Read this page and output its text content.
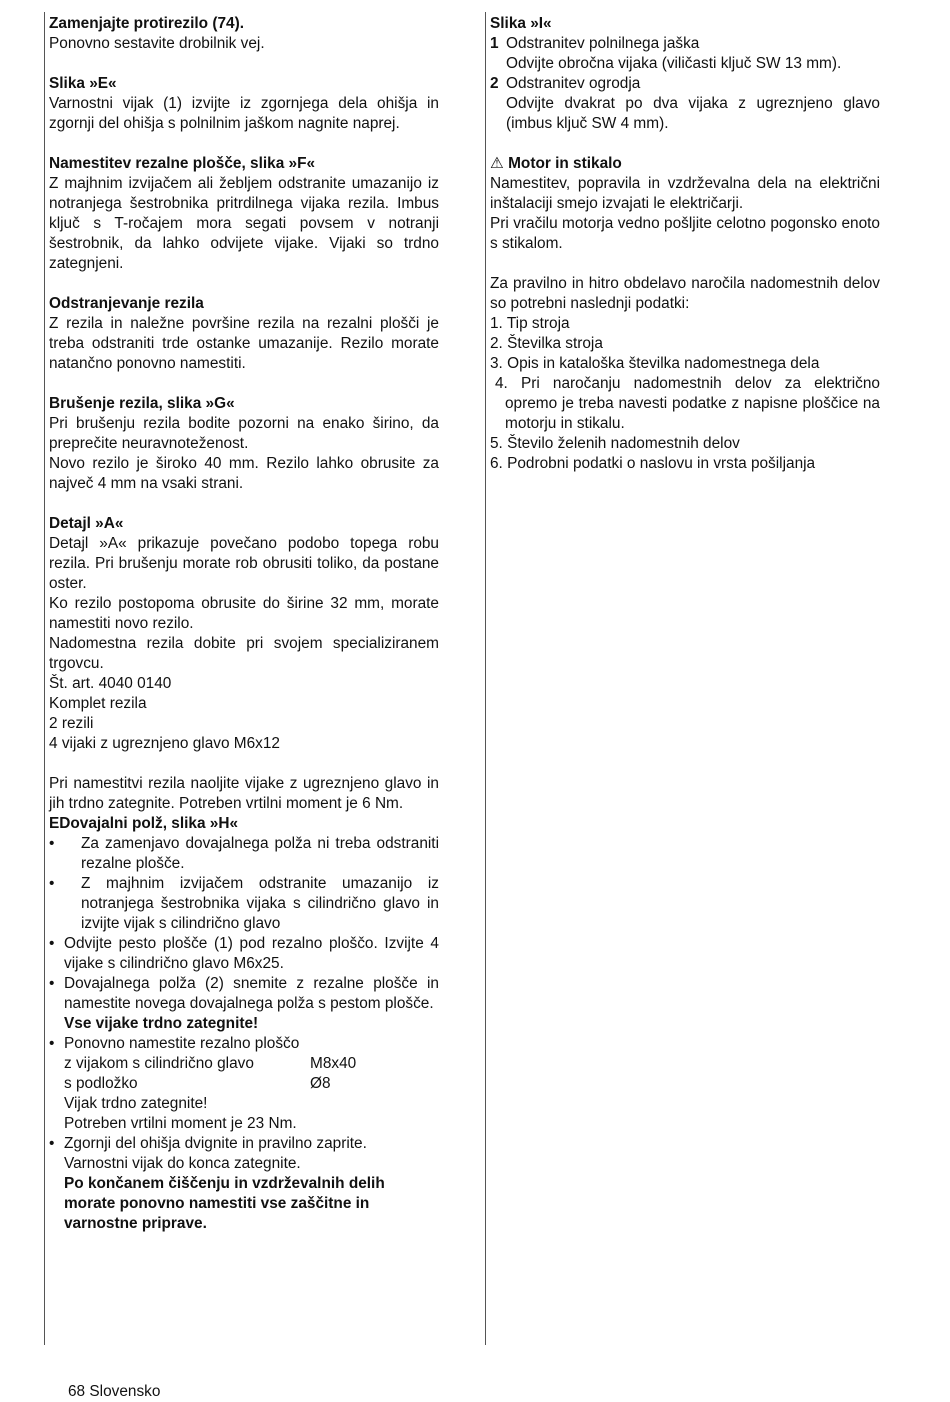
Zamenjajte protirezilo (74).

Ponovno sestavite drobilnik vej.

Slika »E«

Varnostni vijak (1) izvijte iz zgornjega dela ohišja in zgornji del ohišja s polnilnim jaškom nagnite naprej.

Namestitev rezalne plošče, slika »F«

Z majhnim izvijačem ali žebljem odstranite umazanijo iz notranjega šestrobnika pritrdilnega vijaka rezila. Imbus ključ s T-ročajem mora segati povsem v notranji šestrobnik, da lahko odvijete vijake. Vijaki so trdno zategnjeni.

Odstranjevanje rezila

Z rezila in naležne površine rezila na rezalni plošči je treba odstraniti trde ostanke umazanije. Rezilo morate natančno ponovno namestiti.

Brušenje rezila, slika »G«

Pri brušenju rezila bodite pozorni na enako širino, da preprečite neuravnoteženost.

Novo rezilo je široko 40 mm. Rezilo lahko obrusite za največ 4 mm na vsaki strani.

Detajl »A«

Detajl »A« prikazuje povečano podobo topega robu rezila. Pri brušenju morate rob obrusiti toliko, da postane oster.

Ko rezilo postopoma obrusite do širine 32 mm, morate namestiti novo rezilo.

Nadomestna rezila dobite pri svojem specializiranem trgovcu.

Št. art. 4040 0140

Komplet rezila

2 rezili

4 vijaki z ugreznjeno glavo M6x12

Pri namestitvi rezila naoljite vijake z ugreznjeno glavo in jih trdno zategnite. Potreben vrtilni moment je 6 Nm.

EDovajalni polž, slika »H«

• Za zamenjavo dovajalnega polža ni treba odstraniti rezalne plošče.
• Z majhnim izvijačem odstranite umazanijo iz notranjega šestrobnika vijaka s cilindrično glavo in izvijte vijak s cilindrično glavo
• Odvijte pesto plošče (1) pod rezalno ploščo. Izvijte 4 vijake s cilindrično glavo M6x25.
• Dovajalnega polža (2) snemite z rezalne plošče in namestite novega dovajalnega polža s pestom plošče.
Vse vijake trdno zategnite!
• Ponovno namestite rezalno ploščo
z vijakom s cilindrično glavo	M8x40
s podložko	Ø8
Vijak trdno zategnite!
Potreben vrtilni moment je 23 Nm.
• Zgornji del ohišja dvignite in pravilno zaprite.
Varnostni vijak do konca zategnite.
Po končanem čiščenju in vzdrževalnih delih morate ponovno namestiti vse zaščitne in varnostne priprave.

Slika »I«

1 Odstranitev polnilnega jaška

Odvijte obročna vijaka (viličasti ključ SW 13 mm).

2 Odstranitev ogrodja

Odvijte dvakrat po dva vijaka z ugreznjeno glavo (imbus ključ SW 4 mm).

⚠ Motor in stikalo

Namestitev, popravila in vzdrževalna dela na električni inštalaciji smejo izvajati le električarji.

Pri vračilu motorja vedno pošljite celotno pogonsko enoto s stikalom.

Za pravilno in hitro obdelavo naročila nadomestnih delov so potrebni naslednji podatki:

1. Tip stroja

2. Številka stroja

3. Opis in kataloška številka nadomestnega dela

4. Pri naročanju nadomestnih delov za električno opremo je treba navesti podatke z napisne ploščice na motorju in stikalu.

5. Število želenih nadomestnih delov

6. Podrobni podatki o naslovu in vrsta pošiljanja

68 Slovensko
